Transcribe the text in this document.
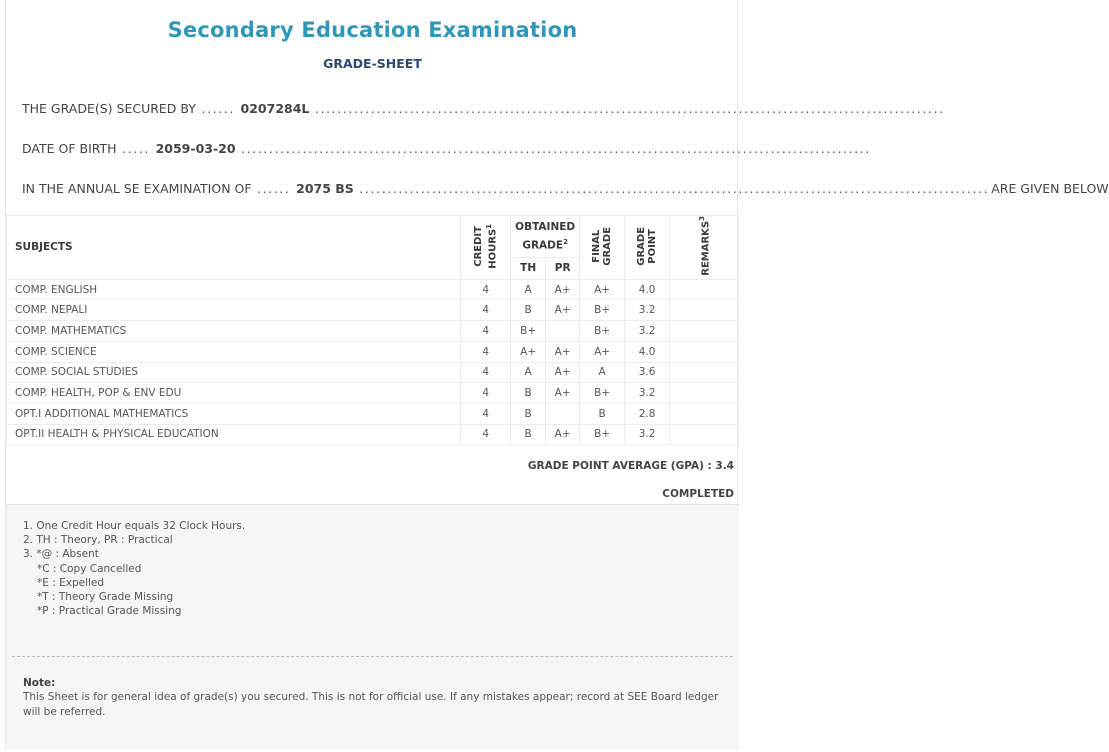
Secondary Education Examination
GRADE-SHEET
THE GRADE(S) SECURED BY ...... 0207284L .................................................................................................................
DATE OF BIRTH ..... 2059-03-20 .................................................................................................................
IN THE ANNUAL SE EXAMINATION OF ...... 2075 BS ................................................................................................................. ARE GIVEN BELOW
SUBJECTS	CREDIT HOURS$^1$	OBTAINED GRADE$^2$		FINAL GRADE	GRADE POINT	REMARKS$^3$
		TH	PR			
COMP. ENGLISH	4	A	A+	A+	4.0	
COMP. NEPALI	4	B	A+	B+	3.2	
COMP. MATHEMATICS	4	B+		B+	3.2	
COMP. SCIENCE	4	A+	A+	A+	4.0	
COMP. SOCIAL STUDIES	4	A	A+	A	3.6	
COMP. HEALTH, POP & ENV EDU	4	B	A+	B+	3.2	
OPT.I ADDITIONAL MATHEMATICS	4	B		B	2.8	
OPT.II HEALTH & PHYSICAL EDUCATION	4	B	A+	B+	3.2	
GRADE POINT AVERAGE (GPA) : 3.4
COMPLETED
1. One Credit Hour equals 32 Clock Hours.
2. TH : Theory, PR : Practical
3. *@ : Absent
*C : Copy Cancelled
*E : Expelled
*T : Theory Grade Missing
*P : Practical Grade Missing
Note:
This Sheet is for general idea of grade(s) you secured. This is not for official use. If any mistakes appear; record at SEE Board ledger will be referred.
